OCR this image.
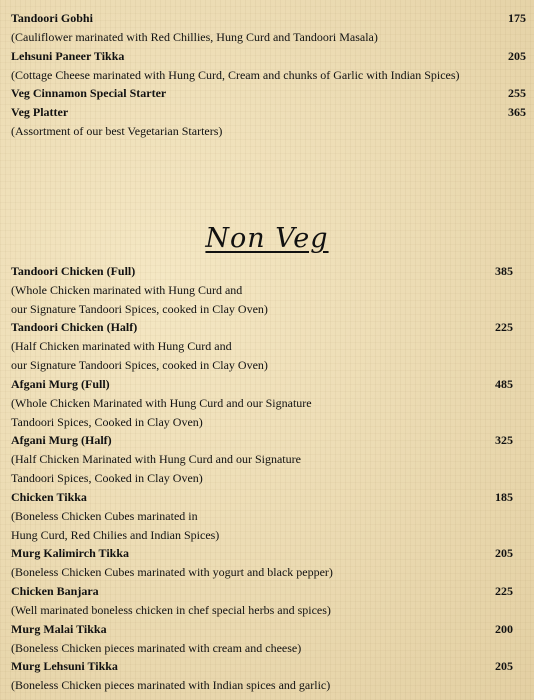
Tandoori Gobhi	175
(Cauliflower marinated with Red Chillies, Hung Curd and Tandoori Masala)
Lehsuni Paneer Tikka	205
(Cottage Cheese marinated with Hung Curd, Cream and chunks of Garlic with Indian Spices)
Veg Cinnamon Special Starter	255
Veg Platter	365
(Assortment of our best Vegetarian Starters)
Non Veg
Tandoori Chicken (Full)	385
(Whole Chicken marinated with Hung Curd and
our Signature Tandoori Spices, cooked in Clay Oven)
Tandoori Chicken (Half)	225
(Half Chicken marinated with Hung Curd and
our Signature Tandoori Spices, cooked in Clay Oven)
Afgani Murg (Full)	485
(Whole Chicken Marinated with Hung Curd and our Signature
Tandoori Spices, Cooked in Clay Oven)
Afgani Murg (Half)	325
(Half Chicken Marinated with Hung Curd and our Signature
Tandoori Spices, Cooked in Clay Oven)
Chicken Tikka	185
(Boneless Chicken Cubes marinated in
Hung Curd, Red Chilies and Indian Spices)
Murg Kalimirch Tikka	205
(Boneless Chicken Cubes marinated with yogurt and black pepper)
Chicken Banjara	225
(Well marinated boneless chicken in chef special herbs and spices)
Murg Malai Tikka	200
(Boneless Chicken pieces marinated with cream and cheese)
Murg Lehsuni Tikka	205
(Boneless Chicken pieces marinated with Indian spices and garlic)
